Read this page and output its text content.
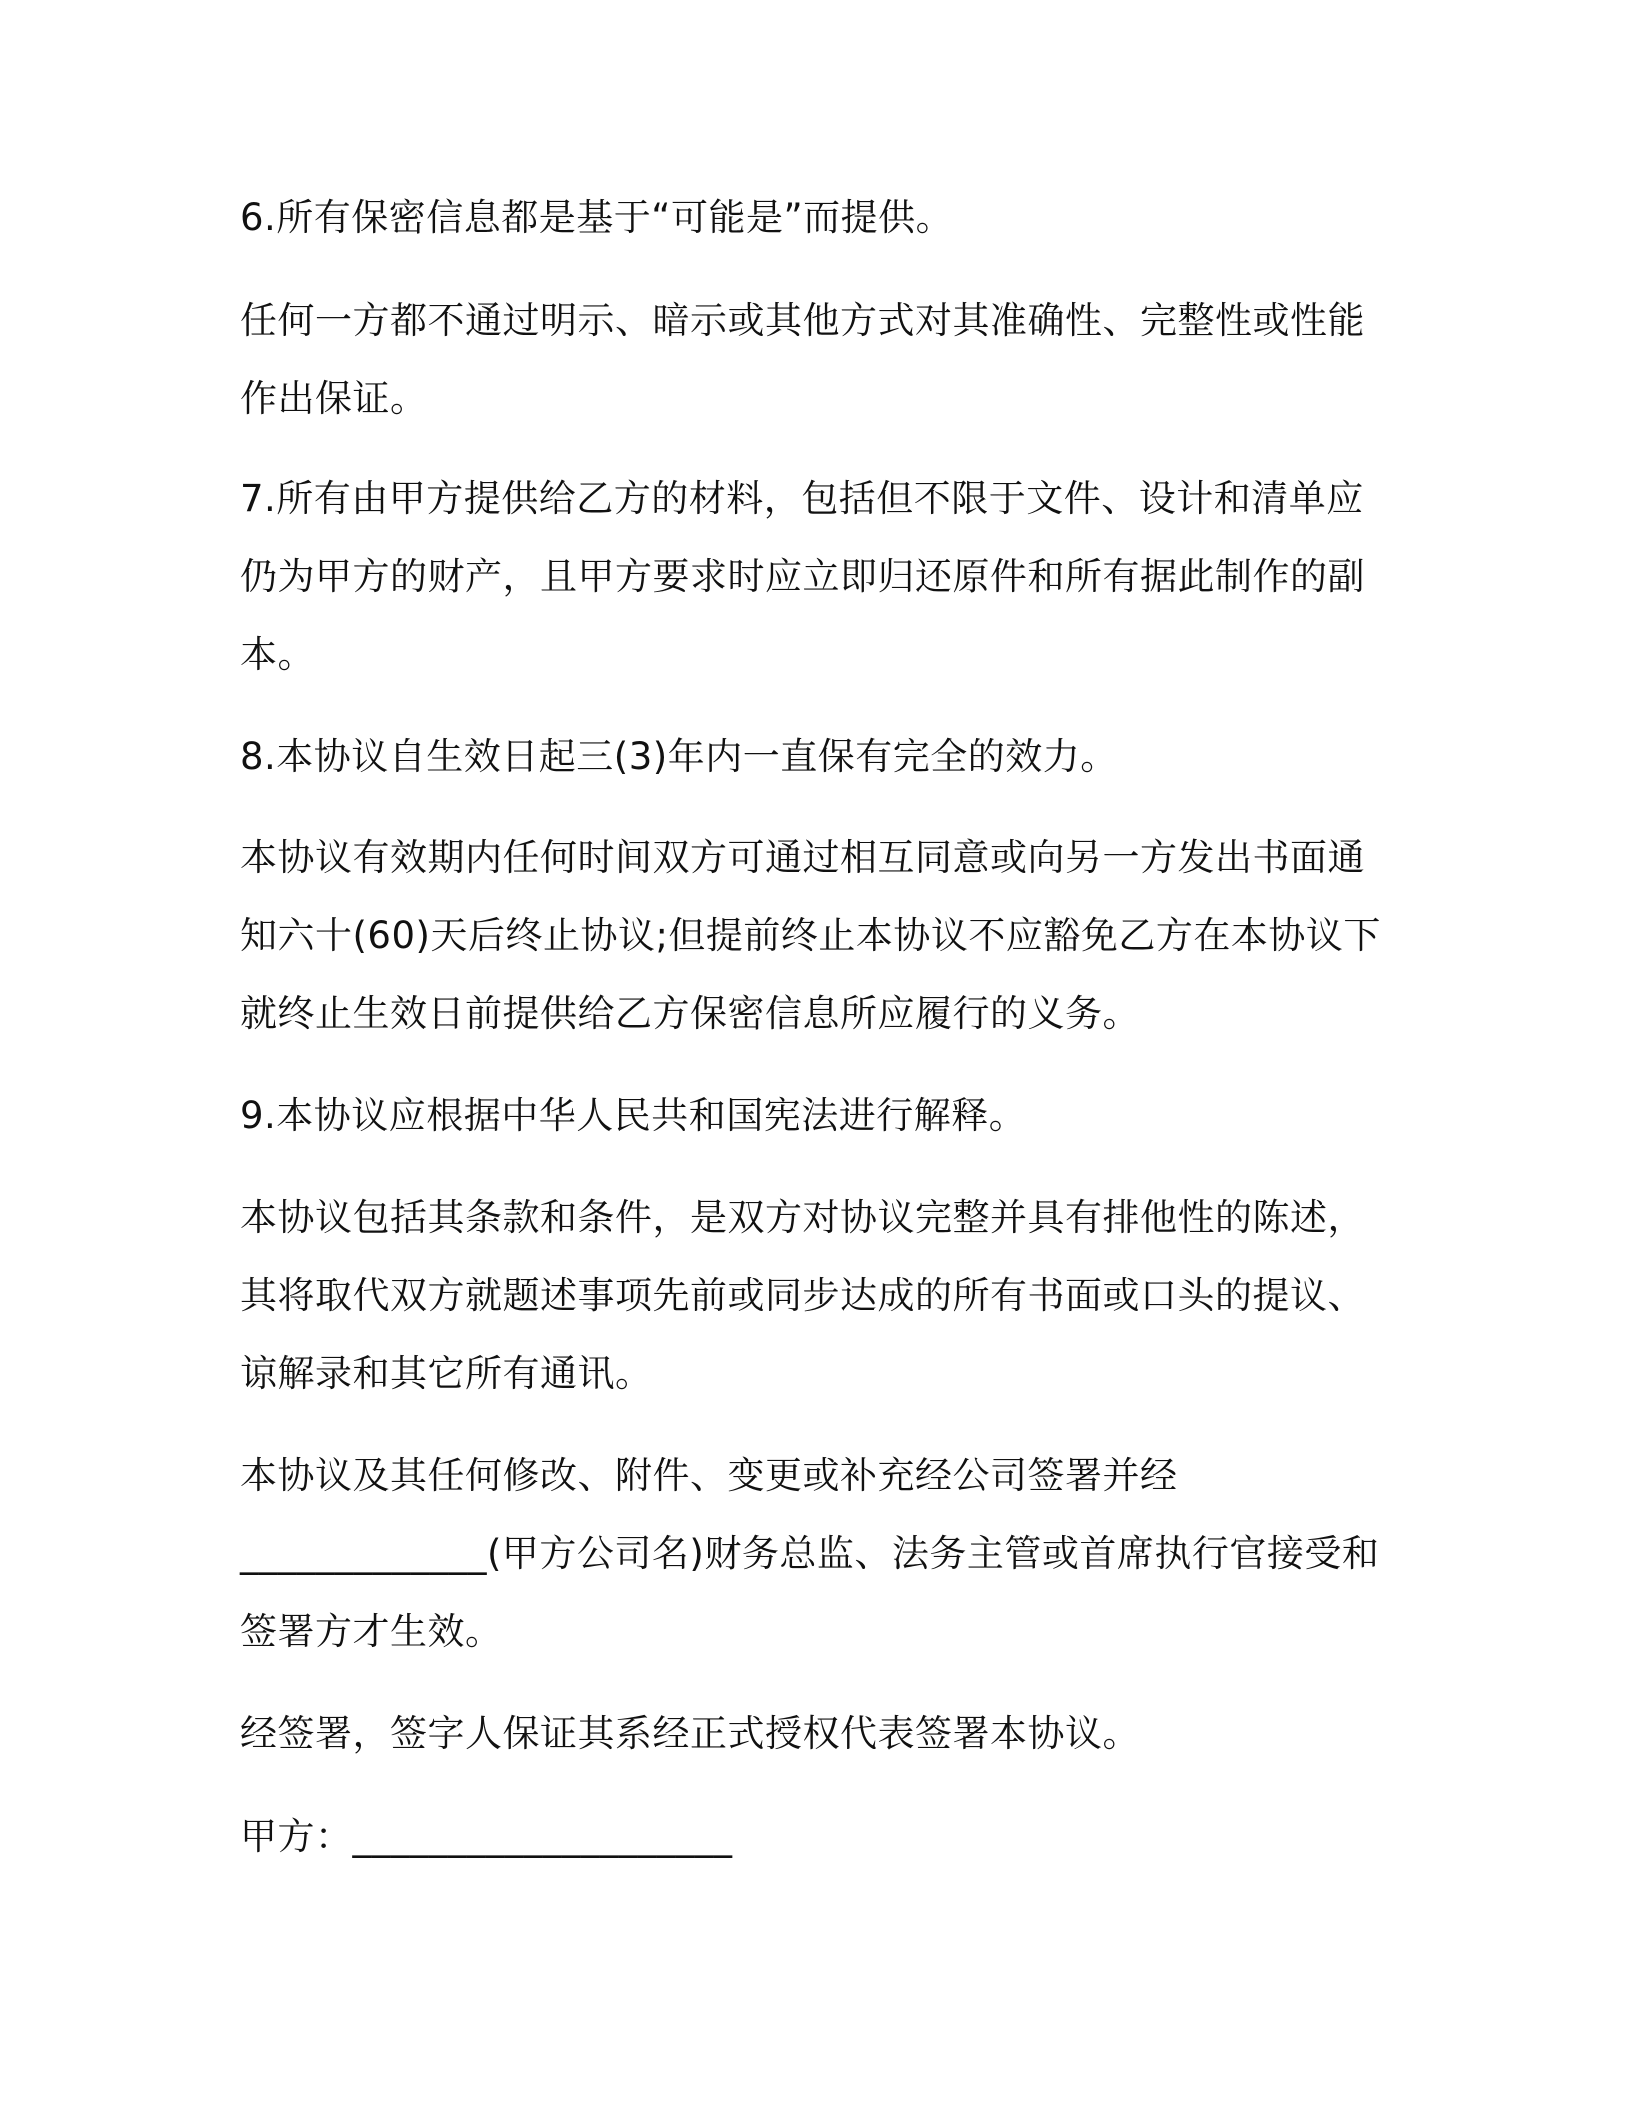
6.所有保密信息都是基于“可能是”而提供。
任何一方都不通过明示、暗示或其他方式对其准确性、完整性或性能
作出保证。
7.所有由甲方提供给乙方的材料，包括但不限于文件、设计和清单应
仍为甲方的财产，且甲方要求时应立即归还原件和所有据此制作的副
本。
8.本协议自生效日起三(3)年内一直保有完全的效力。
本协议有效期内任何时间双方可通过相互同意或向另一方发出书面通
知六十(60)天后终止协议;但提前终止本协议不应豁免乙方在本协议下
就终止生效日前提供给乙方保密信息所应履行的义务。
9.本协议应根据中华人民共和国宪法进行解释。
本协议包括其条款和条件，是双方对协议完整并具有排他性的陈述，
其将取代双方就题述事项先前或同步达成的所有书面或口头的提议、
谅解录和其它所有通讯。
本协议及其任何修改、附件、变更或补充经公司签署并经
_____________(甲方公司名)财务总监、法务主管或首席执行官接受和
签署方才生效。
经签署，签字人保证其系经正式授权代表签署本协议。
甲方：____________________
